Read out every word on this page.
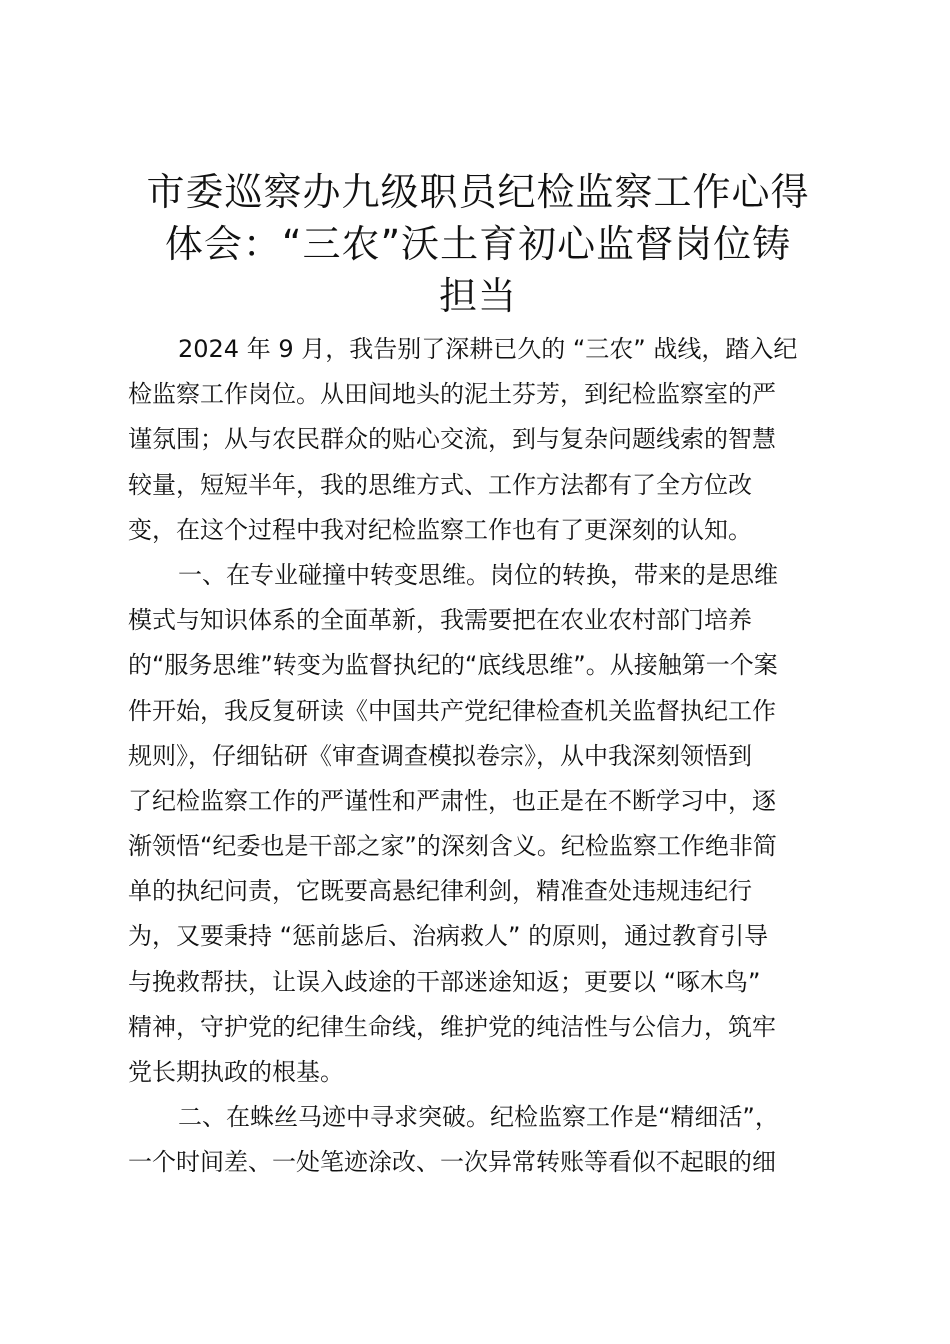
市委巡察办九级职员纪检监察工作心得
体会：“三农”沃土育初心监督岗位铸
担当
2024 年 9 月，我告别了深耕已久的 “三农” 战线，踏入纪
检监察工作岗位。从田间地头的泥土芬芳，到纪检监察室的严
谨氛围；从与农民群众的贴心交流，到与复杂问题线索的智慧
较量，短短半年，我的思维方式、工作方法都有了全方位改
变，在这个过程中我对纪检监察工作也有了更深刻的认知。
一、在专业碰撞中转变思维。岗位的转换，带来的是思维
模式与知识体系的全面革新，我需要把在农业农村部门培养
的“服务思维”转变为监督执纪的“底线思维”。从接触第一个案
件开始，我反复研读《中国共产党纪律检查机关监督执纪工作
规则》，仔细钻研《审查调查模拟卷宗》，从中我深刻领悟到
了纪检监察工作的严谨性和严肃性，也正是在不断学习中，逐
渐领悟“纪委也是干部之家”的深刻含义。纪检监察工作绝非简
单的执纪问责，它既要高悬纪律利剑，精准查处违规违纪行
为，又要秉持 “惩前毖后、治病救人” 的原则，通过教育引导
与挽救帮扶，让误入歧途的干部迷途知返；更要以 “啄木鸟”
精神，守护党的纪律生命线，维护党的纯洁性与公信力，筑牢
党长期执政的根基。
二、在蛛丝马迹中寻求突破。纪检监察工作是“精细活”，
一个时间差、一处笔迹涂改、一次异常转账等看似不起眼的细
